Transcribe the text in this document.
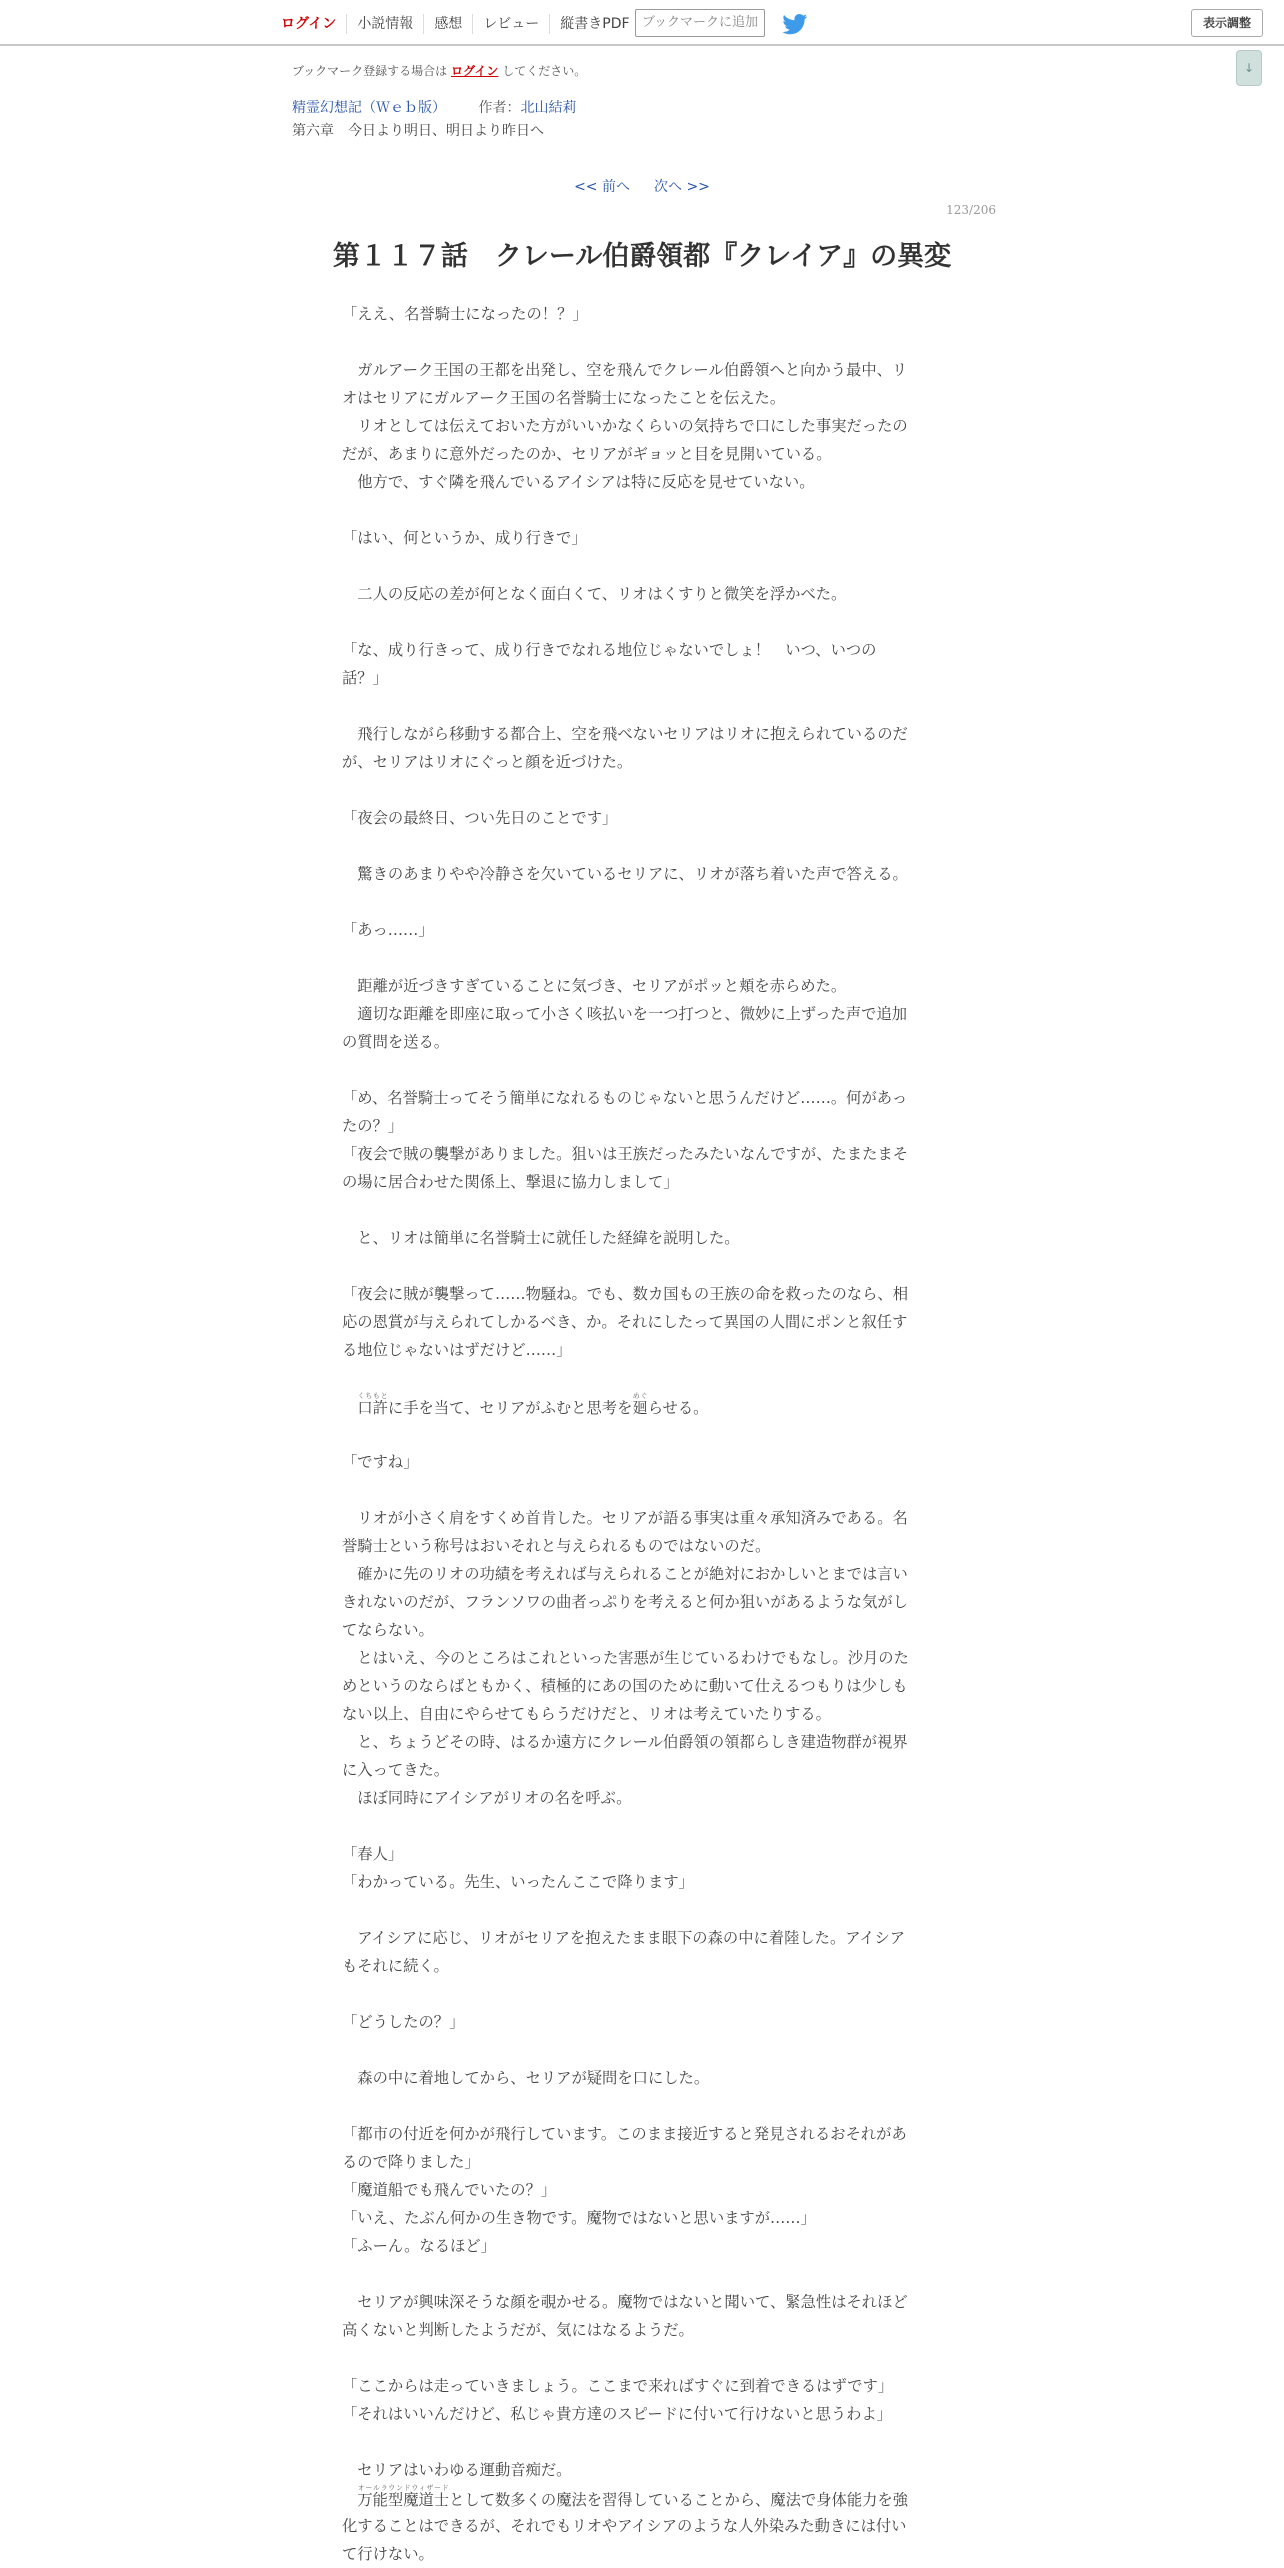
ログイン	小説情報	感想	レビュー	縦書きPDF ブックマークに追加	表示調整
↓
ブックマーク登録する場合は ログイン してください。
精霊幻想記（Ｗｅｂ版） 作者：北山結莉
第六章　今日より明日、明日より昨日へ
<< 前へ 次へ >>
123/206
第１１７話　クレール伯爵領都『クレイア』の異変
「ええ、名誉騎士になったの！？」
　ガルアーク王国の王都を出発し、空を飛んでクレール伯爵領へと向かう最中、リ
オはセリアにガルアーク王国の名誉騎士になったことを伝えた。
　リオとしては伝えておいた方がいいかなくらいの気持ちで口にした事実だったの
だが、あまりに意外だったのか、セリアがギョッと目を見開いている。
　他方で、すぐ隣を飛んでいるアイシアは特に反応を見せていない。
「はい、何というか、成り行きで」
　二人の反応の差が何となく面白くて、リオはくすりと微笑を浮かべた。
「な、成り行きって、成り行きでなれる地位じゃないでしょ！　いつ、いつの
話？」
　飛行しながら移動する都合上、空を飛べないセリアはリオに抱えられているのだ
が、セリアはリオにぐっと顔を近づけた。
「夜会の最終日、つい先日のことです」
　驚きのあまりやや冷静さを欠いているセリアに、リオが落ち着いた声で答える。
「あっ……」
　距離が近づきすぎていることに気づき、セリアがポッと頬を赤らめた。
　適切な距離を即座に取って小さく咳払いを一つ打つと、微妙に上ずった声で追加
の質問を送る。
「め、名誉騎士ってそう簡単になれるものじゃないと思うんだけど……。何があっ
たの？」
「夜会で賊の襲撃がありました。狙いは王族だったみたいなんですが、たまたまそ
の場に居合わせた関係上、撃退に協力しまして」
　と、リオは簡単に名誉騎士に就任した経緯を説明した。
「夜会に賊が襲撃って……物騒ね。でも、数カ国もの王族の命を救ったのなら、相
応の恩賞が与えられてしかるべき、か。それにしたって異国の人間にポンと叙任す
る地位じゃないはずだけど……」
　口許くちもとに手を当て、セリアがふむと思考を廻めぐらせる。
「ですね」
　リオが小さく肩をすくめ首肯した。セリアが語る事実は重々承知済みである。名
誉騎士という称号はおいそれと与えられるものではないのだ。
　確かに先のリオの功績を考えれば与えられることが絶対におかしいとまでは言い
きれないのだが、フランソワの曲者っぷりを考えると何か狙いがあるような気がし
てならない。
　とはいえ、今のところはこれといった害悪が生じているわけでもなし。沙月のた
めというのならばともかく、積極的にあの国のために動いて仕えるつもりは少しも
ない以上、自由にやらせてもらうだけだと、リオは考えていたりする。
　と、ちょうどその時、はるか遠方にクレール伯爵領の領都らしき建造物群が視界
に入ってきた。
　ほぼ同時にアイシアがリオの名を呼ぶ。
「春人」
「わかっている。先生、いったんここで降ります」
　アイシアに応じ、リオがセリアを抱えたまま眼下の森の中に着陸した。アイシア
もそれに続く。
「どうしたの？」
　森の中に着地してから、セリアが疑問を口にした。
「都市の付近を何かが飛行しています。このまま接近すると発見されるおそれがあ
るので降りました」
「魔道船でも飛んでいたの？」
「いえ、たぶん何かの生き物です。魔物ではないと思いますが……」
「ふーん。なるほど」
　セリアが興味深そうな顔を覗かせる。魔物ではないと聞いて、緊急性はそれほど
高くないと判断したようだが、気にはなるようだ。
「ここからは走っていきましょう。ここまで来ればすぐに到着できるはずです」
「それはいいんだけど、私じゃ貴方達のスピードに付いて行けないと思うわよ」
　セリアはいわゆる運動音痴だ。
　万能型魔道士オールラウンドウィザードとして数多くの魔法を習得していることから、魔法で身体能力を強
化することはできるが、それでもリオやアイシアのような人外染みた動きには付い
て行けない。
